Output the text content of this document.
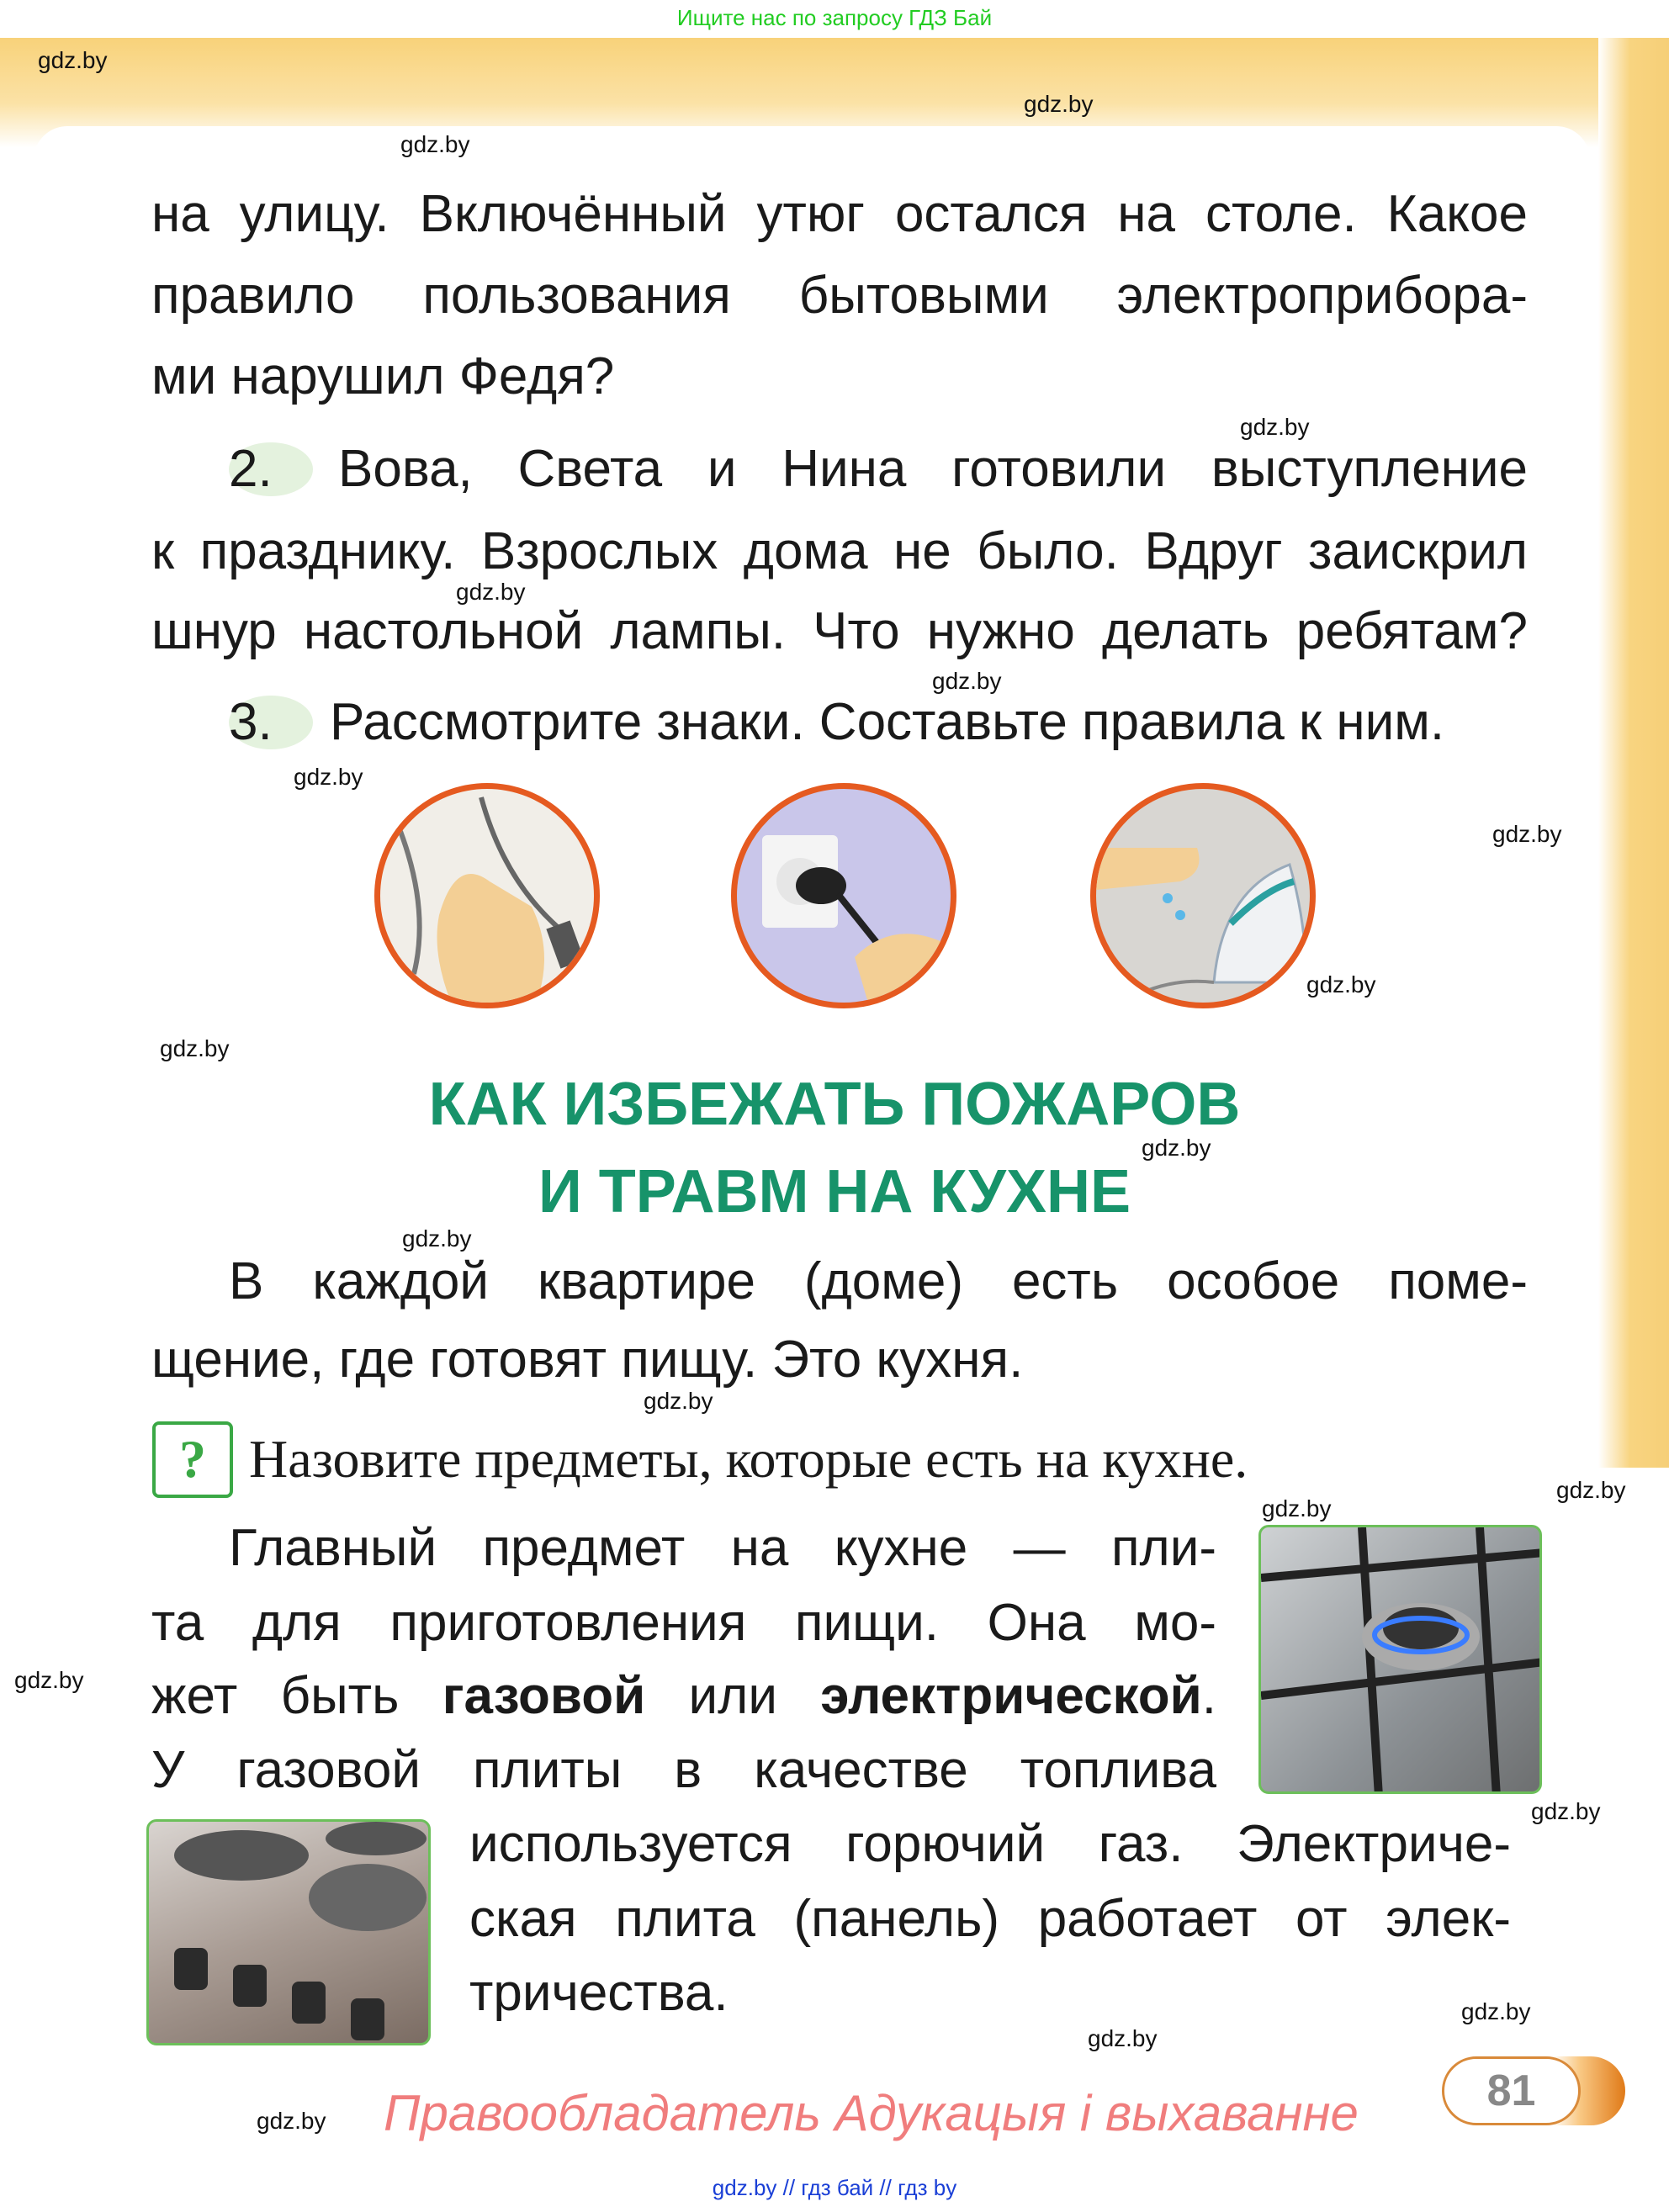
Ищите нас по запросу ГДЗ Бай
на улицу. Включённый утюг остался на столе. Какое
правило пользования бытовыми электроприбора-
ми нарушил Федя?
2. Вова, Света и Нина готовили выступление
к празднику. Взрослых дома не было. Вдруг заискрил
шнур настольной лампы. Что нужно делать ребятам?
3. Рассмотрите знаки. Составьте правила к ним.
КАК ИЗБЕЖАТЬ ПОЖАРОВ
И ТРАВМ НА КУХНЕ
В каждой квартире (доме) есть особое поме-
щение, где готовят пищу. Это кухня.
? Назовите предметы, которые есть на кухне.
Главный предмет на кухне — пли-
та для приготовления пищи. Она мо-
жет быть газовой или электрической.
У газовой плиты в качестве топлива
используется горючий газ. Электриче-
ская плита (панель) работает от элек-
тричества.
81
Правообладатель Адукацыя і выхаванне
gdz.by // гдз бай // гдз by
gdz.by
gdz.by
gdz.by
gdz.by
gdz.by
gdz.by
gdz.by
gdz.by
gdz.by
gdz.by
gdz.by
gdz.by
gdz.by
gdz.by
gdz.by
gdz.by
gdz.by
gdz.by
gdz.by
gdz.by
